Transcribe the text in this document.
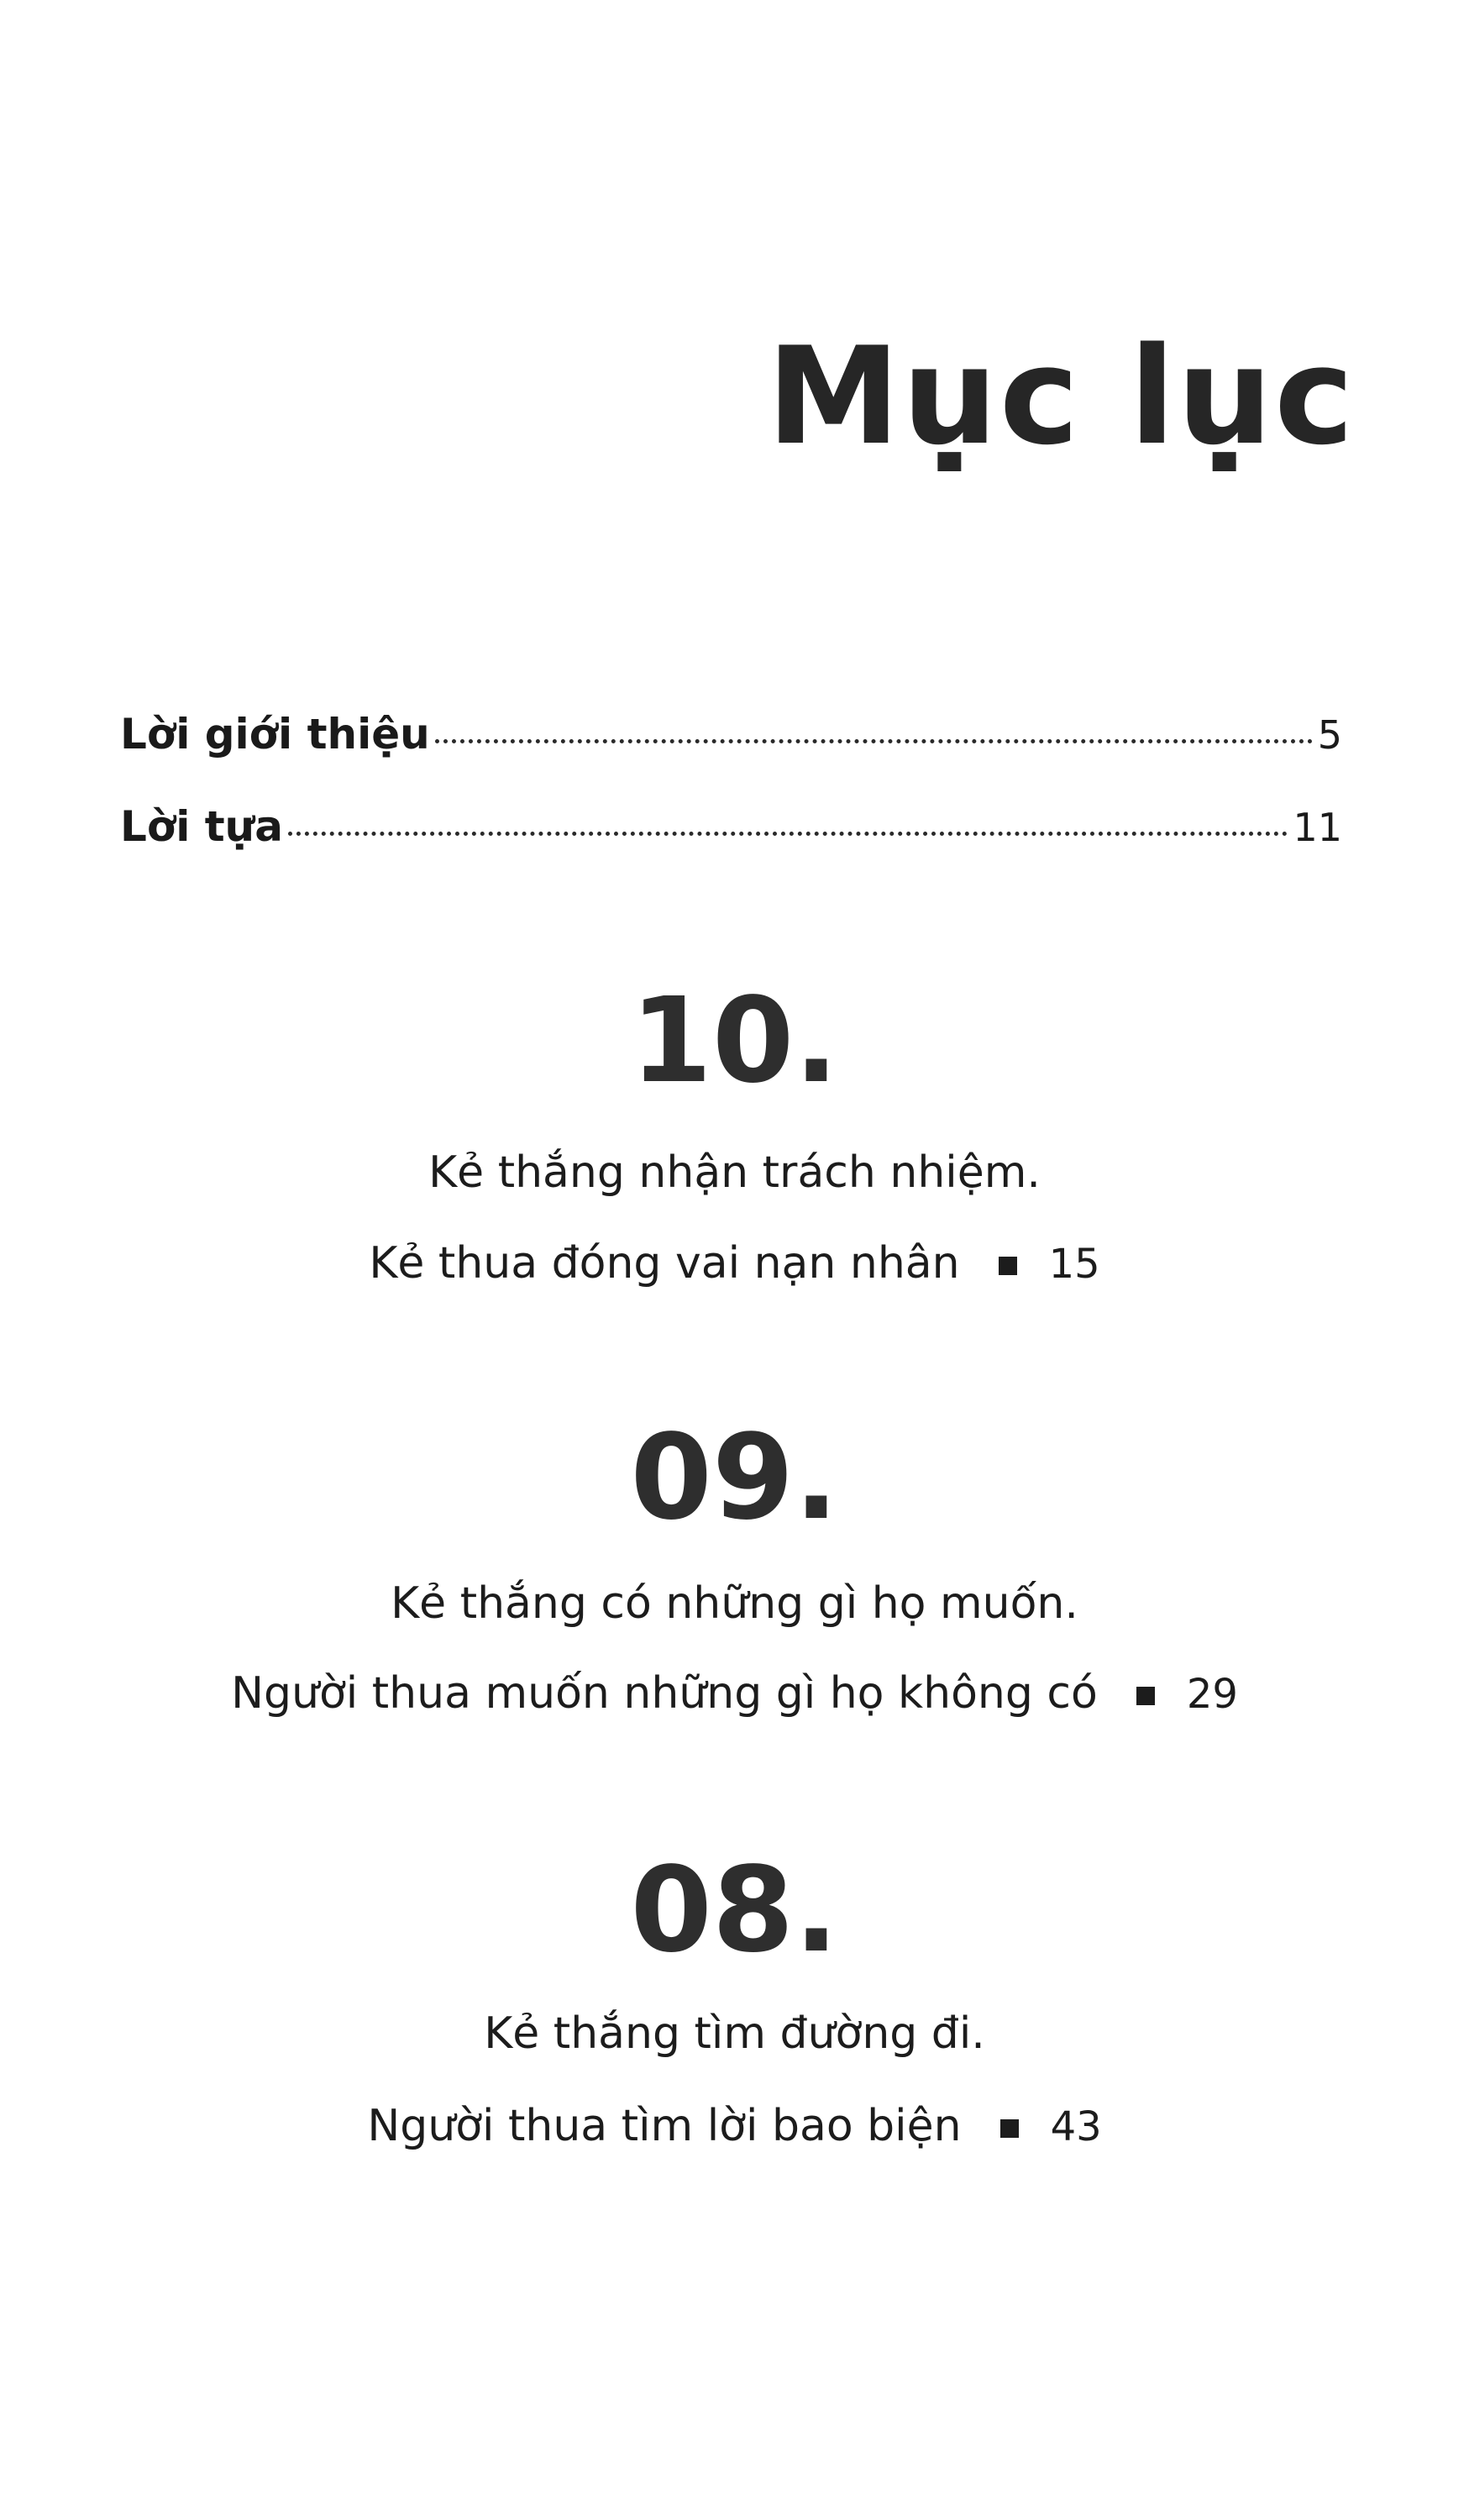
Mục lục
Lời giới thiệu	5
Lời tựa	11
10.
Kẻ thắng nhận trách nhiệm.
Kẻ thua đóng vai nạn nhân 15
09.
Kẻ thắng có những gì họ muốn.
Người thua muốn những gì họ không có 29
08.
Kẻ thắng tìm đường đi.
Người thua tìm lời bao biện 43
